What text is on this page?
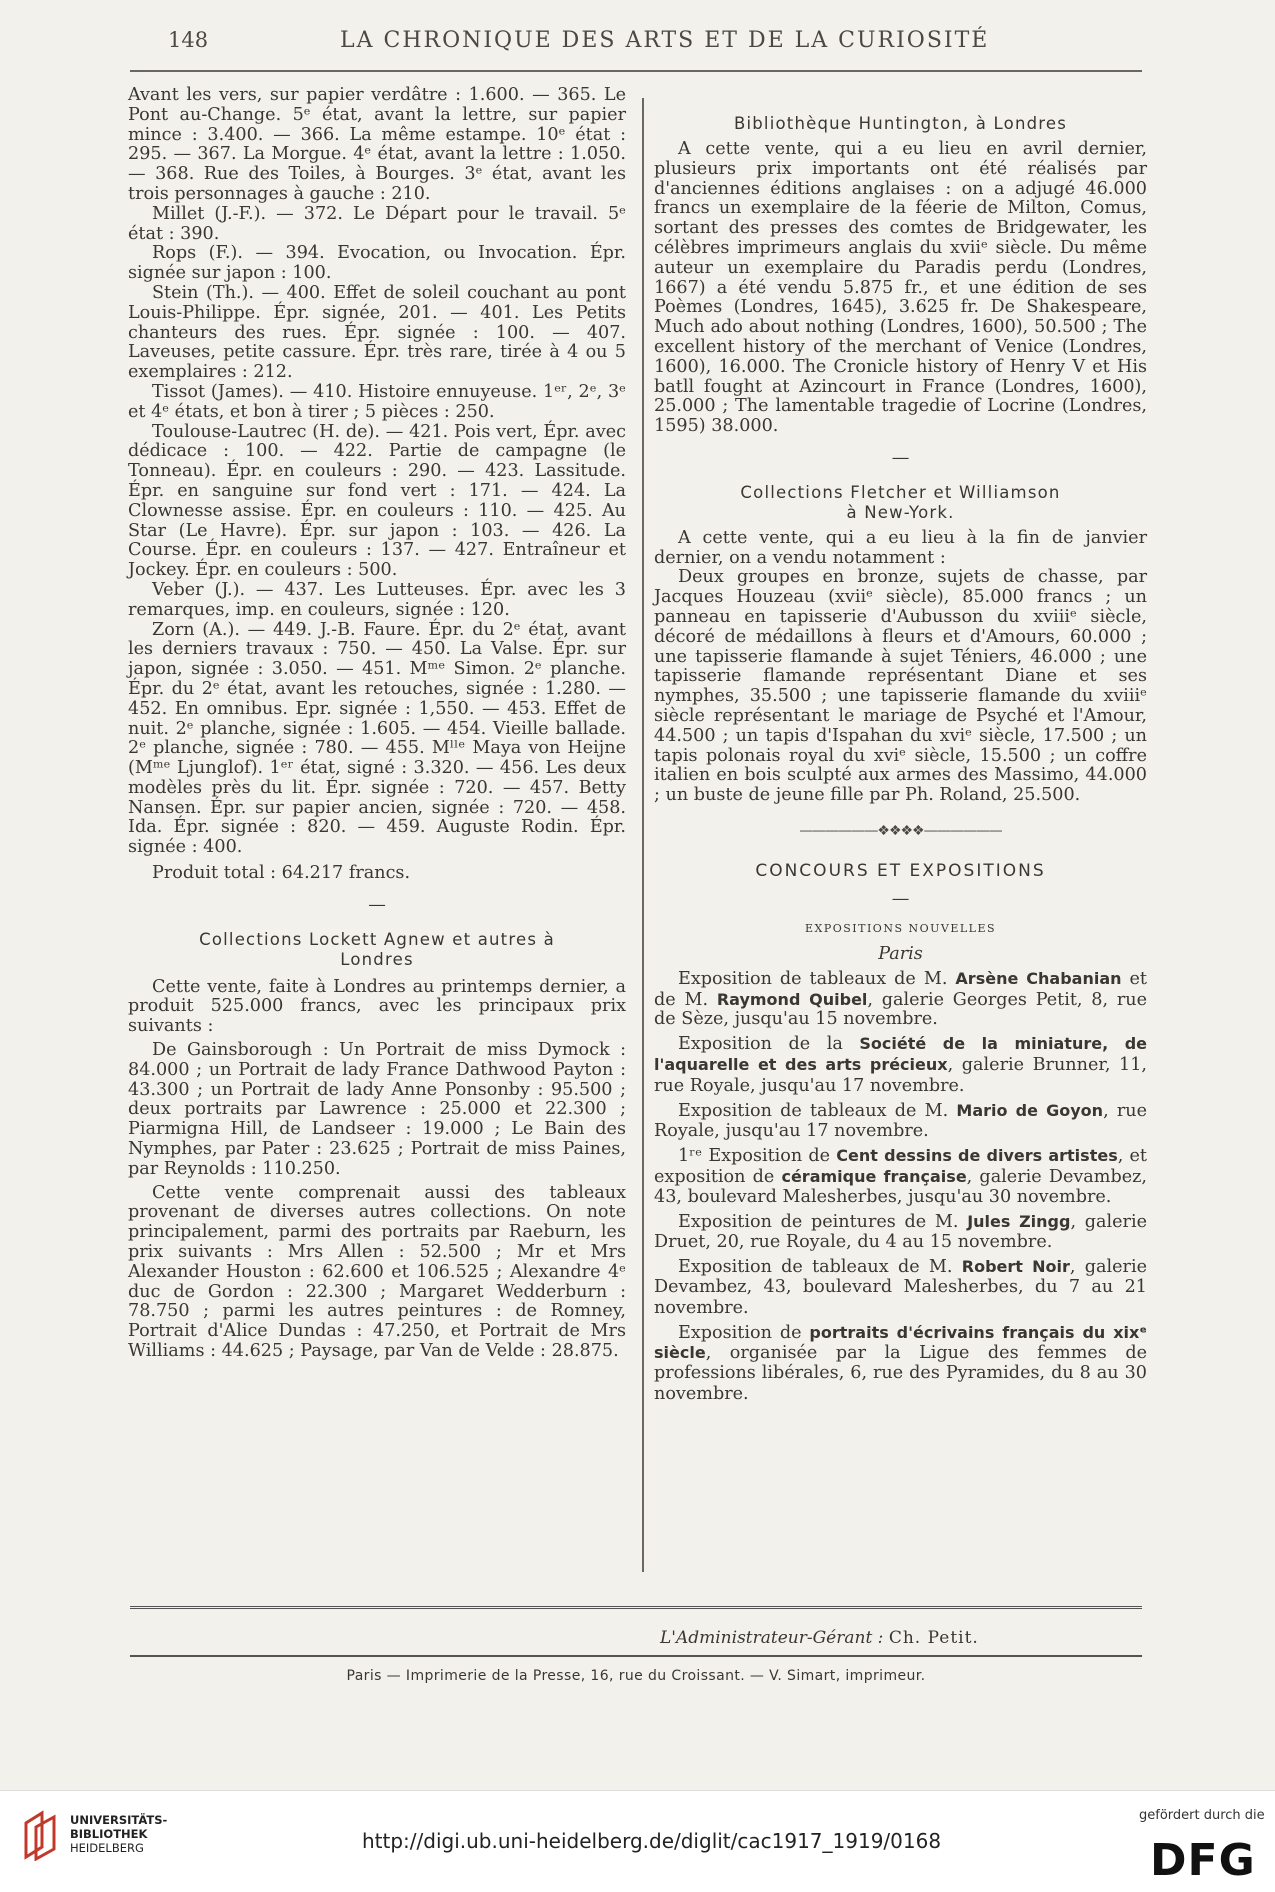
148	LA CHRONIQUE DES ARTS ET DE LA CURIOSITÉ

Avant les vers, sur papier verdâtre : 1.600. — 365. Le Pont au-Change. 5ᵉ état, avant la lettre, sur papier mince : 3.400. — 366. La même estampe. 10ᵉ état : 295. — 367. La Morgue. 4ᵉ état, avant la lettre : 1.050. — 368. Rue des Toiles, à Bourges. 3ᵉ état, avant les trois personnages à gauche : 210.

Millet (J.-F.). — 372. Le Départ pour le travail. 5ᵉ état : 390.

Rops (F.). — 394. Evocation, ou Invocation. Épr. signée sur japon : 100.

Stein (Th.). — 400. Effet de soleil couchant au pont Louis-Philippe. Épr. signée, 201. — 401. Les Petits chanteurs des rues. Épr. signée : 100. — 407. Laveuses, petite cassure. Épr. très rare, tirée à 4 ou 5 exemplaires : 212.

Tissot (James). — 410. Histoire ennuyeuse. 1ᵉʳ, 2ᵉ, 3ᵉ et 4ᵉ états, et bon à tirer ; 5 pièces : 250.

Toulouse-Lautrec (H. de). — 421. Pois vert, Épr. avec dédicace : 100. — 422. Partie de campagne (le Tonneau). Épr. en couleurs : 290. — 423. Lassitude. Épr. en sanguine sur fond vert : 171. — 424. La Clownesse assise. Épr. en couleurs : 110. — 425. Au Star (Le Havre). Épr. sur japon : 103. — 426. La Course. Épr. en couleurs : 137. — 427. Entraîneur et Jockey. Épr. en couleurs : 500.

Veber (J.). — 437. Les Lutteuses. Épr. avec les 3 remarques, imp. en couleurs, signée : 120.

Zorn (A.). — 449. J.-B. Faure. Épr. du 2ᵉ état, avant les derniers travaux : 750. — 450. La Valse. Épr. sur japon, signée : 3.050. — 451. Mᵐᵉ Simon. 2ᵉ planche. Épr. du 2ᵉ état, avant les retouches, signée : 1.280. — 452. En omnibus. Epr. signée : 1,550. — 453. Effet de nuit. 2ᵉ planche, signée : 1.605. — 454. Vieille ballade. 2ᵉ planche, signée : 780. — 455. Mˡˡᵉ Maya von Heijne (Mᵐᵉ Ljunglof). 1ᵉʳ état, signé : 3.320. — 456. Les deux modèles près du lit. Épr. signée : 720. — 457. Betty Nansen. Épr. sur papier ancien, signée : 720. — 458. Ida. Épr. signée : 820. — 459. Auguste Rodin. Épr. signée : 400.

Produit total : 64.217 francs.

—
Collections Lockett Agnew et autres à Londres

Cette vente, faite à Londres au printemps dernier, a produit 525.000 francs, avec les principaux prix suivants :

De Gainsborough : Un Portrait de miss Dymock : 84.000 ; un Portrait de lady France Dathwood Payton : 43.300 ; un Portrait de lady Anne Ponsonby : 95.500 ; deux portraits par Lawrence : 25.000 et 22.300 ; Piarmigna Hill, de Landseer : 19.000 ; Le Bain des Nymphes, par Pater : 23.625 ; Portrait de miss Paines, par Reynolds : 110.250.

Cette vente comprenait aussi des tableaux provenant de diverses autres collections. On note principalement, parmi des portraits par Raeburn, les prix suivants : Mrs Allen : 52.500 ; Mr et Mrs Alexander Houston : 62.600 et 106.525 ; Alexandre 4ᵉ duc de Gordon : 22.300 ; Margaret Wedderburn : 78.750 ; parmi les autres peintures : de Romney, Portrait d'Alice Dundas : 47.250, et Portrait de Mrs Williams : 44.625 ; Paysage, par Van de Velde : 28.875.

Bibliothèque Huntington, à Londres

A cette vente, qui a eu lieu en avril dernier, plusieurs prix importants ont été réalisés par d'anciennes éditions anglaises : on a adjugé 46.000 francs un exemplaire de la féerie de Milton, Comus, sortant des presses des comtes de Bridgewater, les célèbres imprimeurs anglais du xviiᵉ siècle. Du même auteur un exemplaire du Paradis perdu (Londres, 1667) a été vendu 5.875 fr., et une édition de ses Poèmes (Londres, 1645), 3.625 fr. De Shakespeare, Much ado about nothing (Londres, 1600), 50.500 ; The excellent history of the merchant of Venice (Londres, 1600), 16.000. The Cronicle history of Henry V et His batll fought at Azincourt in France (Londres, 1600), 25.000 ; The lamentable tragedie of Locrine (Londres, 1595) 38.000.

—
Collections Fletcher et Williamson
à New-York.

A cette vente, qui a eu lieu à la fin de janvier dernier, on a vendu notamment :

Deux groupes en bronze, sujets de chasse, par Jacques Houzeau (xviiᵉ siècle), 85.000 francs ; un panneau en tapisserie d'Aubusson du xviiiᵉ siècle, décoré de médaillons à fleurs et d'Amours, 60.000 ; une tapisserie flamande à sujet Téniers, 46.000 ; une tapisserie flamande représentant Diane et ses nymphes, 35.500 ; une tapisserie flamande du xviiiᵉ siècle représentant le mariage de Psyché et l'Amour, 44.500 ; un tapis d'Ispahan du xviᵉ siècle, 17.500 ; un tapis polonais royal du xviᵉ siècle, 15.500 ; un coffre italien en bois sculpté aux armes des Massimo, 44.000 ; un buste de jeune fille par Ph. Roland, 25.500.

——————❖❖❖❖——————
CONCOURS ET EXPOSITIONS
—
EXPOSITIONS NOUVELLES
Paris

Exposition de tableaux de M. Arsène Chabanian et de M. Raymond Quibel, galerie Georges Petit, 8, rue de Sèze, jusqu'au 15 novembre.

Exposition de la Société de la miniature, de l'aquarelle et des arts précieux, galerie Brunner, 11, rue Royale, jusqu'au 17 novembre.

Exposition de tableaux de M. Mario de Goyon, rue Royale, jusqu'au 17 novembre.

1ʳᵉ Exposition de Cent dessins de divers artistes, et exposition de céramique française, galerie Devambez, 43, boulevard Malesherbes, jusqu'au 30 novembre.

Exposition de peintures de M. Jules Zingg, galerie Druet, 20, rue Royale, du 4 au 15 novembre.

Exposition de tableaux de M. Robert Noir, galerie Devambez, 43, boulevard Malesherbes, du 7 au 21 novembre.

Exposition de portraits d'écrivains français du xixᵉ siècle, organisée par la Ligue des femmes de professions libérales, 6, rue des Pyramides, du 8 au 30 novembre.

L'Administrateur-Gérant : Ch. Petit.
Paris — Imprimerie de la Presse, 16, rue du Croissant. — V. Simart, imprimeur.
UNIVERSITÄTS-
BIBLIOTHEK
HEIDELBERG	http://digi.ub.uni-heidelberg.de/diglit/cac1917_1919/0168
gefördert durch die
DFG
